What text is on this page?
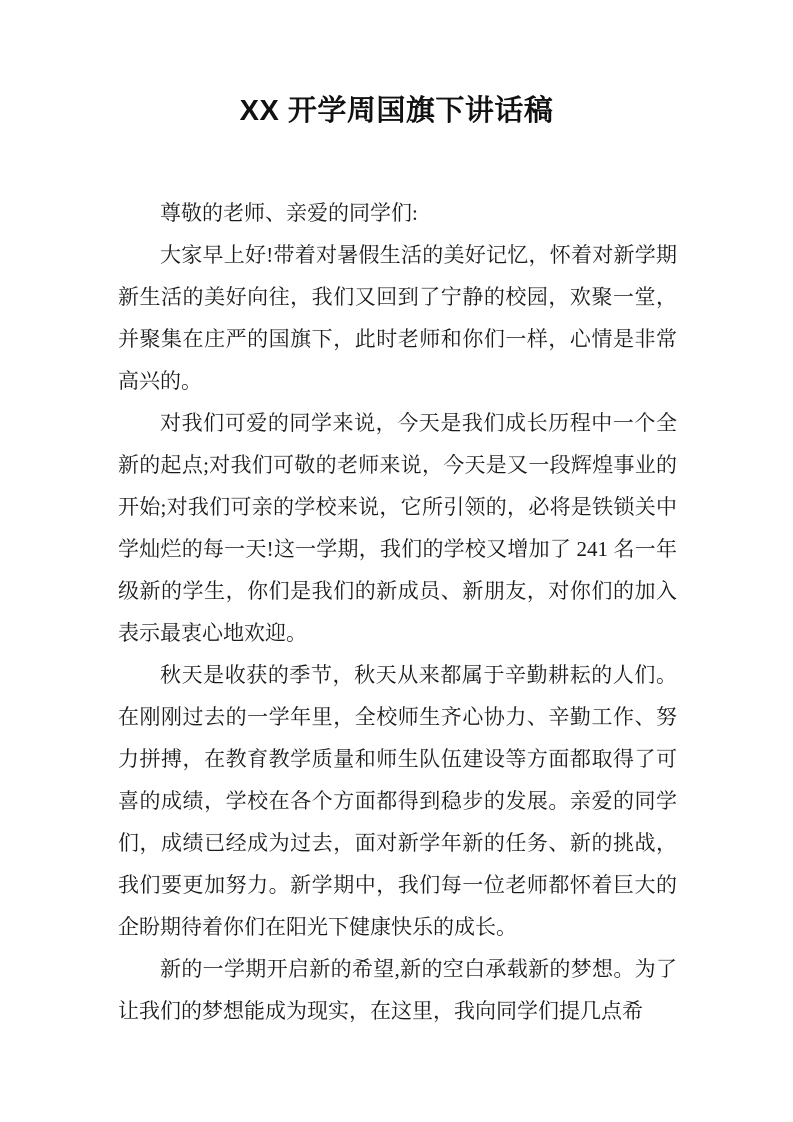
XX 开学周国旗下讲话稿

尊敬的老师、亲爱的同学们:

大家早上好!带着对暑假生活的美好记忆，怀着对新学期新生活的美好向往，我们又回到了宁静的校园，欢聚一堂，并聚集在庄严的国旗下，此时老师和你们一样，心情是非常高兴的。

对我们可爱的同学来说，今天是我们成长历程中一个全新的起点;对我们可敬的老师来说，今天是又一段辉煌事业的开始;对我们可亲的学校来说，它所引领的，必将是铁锁关中学灿烂的每一天!这一学期，我们的学校又增加了 241 名一年级新的学生，你们是我们的新成员、新朋友，对你们的加入表示最衷心地欢迎。

秋天是收获的季节，秋天从来都属于辛勤耕耘的人们。在刚刚过去的一学年里，全校师生齐心协力、辛勤工作、努力拼搏，在教育教学质量和师生队伍建设等方面都取得了可喜的成绩，学校在各个方面都得到稳步的发展。亲爱的同学们，成绩已经成为过去，面对新学年新的任务、新的挑战，我们要更加努力。新学期中，我们每一位老师都怀着巨大的企盼期待着你们在阳光下健康快乐的成长。

新的一学期开启新的希望,新的空白承载新的梦想。为了让我们的梦想能成为现实，在这里，我向同学们提几点希
